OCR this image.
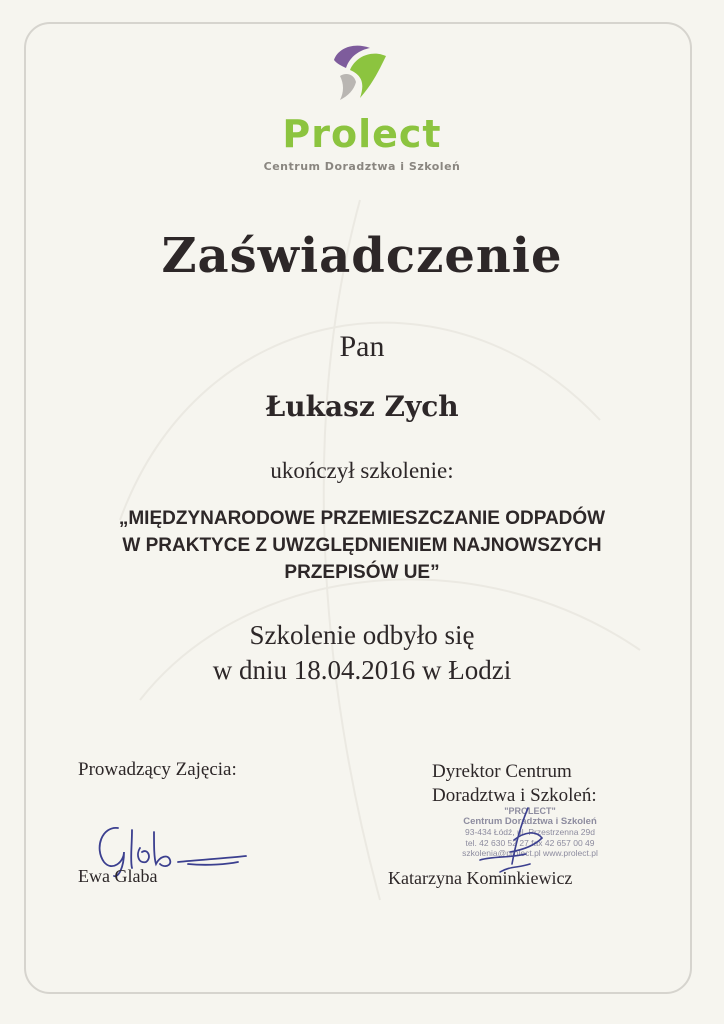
Prolect
Centrum Doradztwa i Szkoleń
Zaświadczenie
Pan
Łukasz Zych
ukończył szkolenie:
„MIĘDZYNARODOWE PRZEMIESZCZANIE ODPADÓW
W PRAKTYCE Z UWZGLĘDNIENIEM NAJNOWSZYCH
PRZEPISÓW UE”
Szkolenie odbyło się
w dniu 18.04.2016 w Łodzi
Prowadzący Zajęcia:	Dyrektor Centrum
Doradztwa i Szkoleń:
"PROLECT"
Centrum Doradztwa i Szkoleń
93-434 Łódź, ul. Przestrzenna 29d
tel. 42 630 52 27 fax 42 657 00 49
szkolenia@prolect.pl www.prolect.pl
Ewa Glaba	Katarzyna Kominkiewicz
